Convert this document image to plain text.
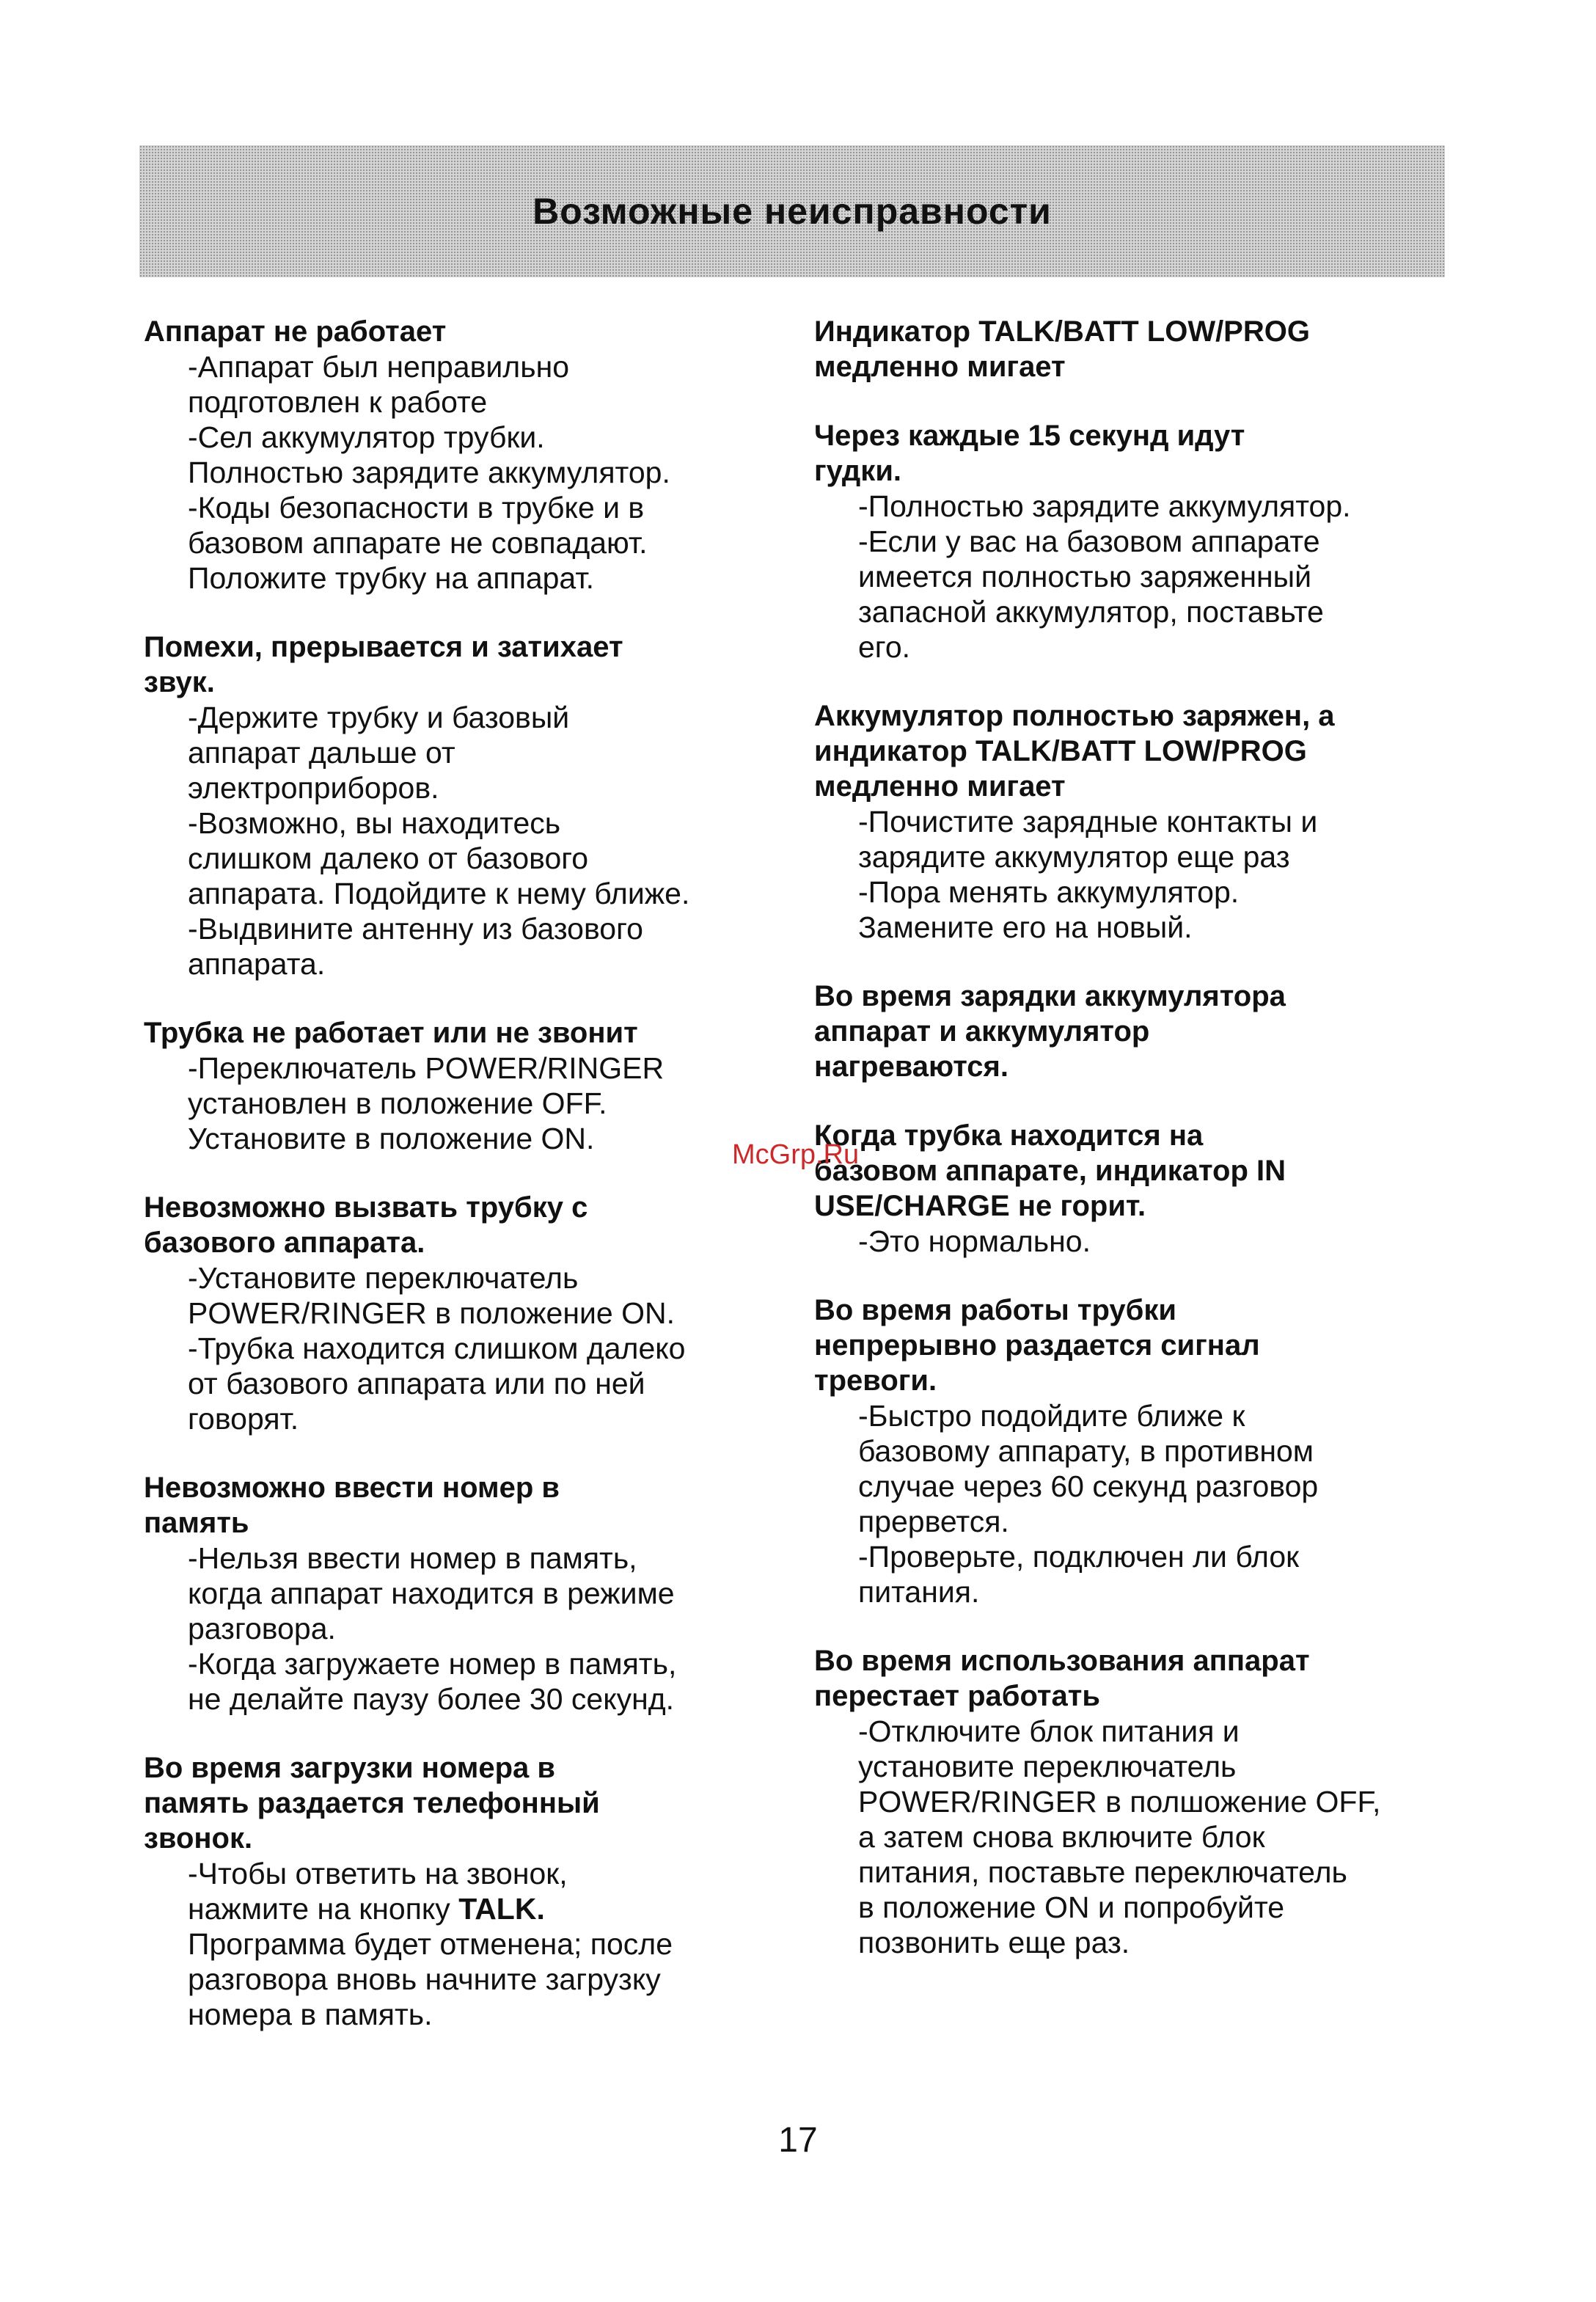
Возможные неисправности

Аппарат не работает

-Аппарат был неправильно

подготовлен к работе

-Сел аккумулятор трубки.

Полностью зарядите аккумулятор.

-Коды безопасности в трубке и в

базовом аппарате не совпадают.

Положите трубку на аппарат.

Помехи, прерывается и затихает

звук.

-Держите трубку и базовый

аппарат дальше от

электроприборов.

-Возможно, вы находитесь

слишком далеко от базового

аппарата. Подойдите к нему ближе.

-Выдвините антенну из базового

аппарата.

Трубка не работает или не звонит

-Переключатель POWER/RINGER

установлен в положение OFF.

Установите в положение ON.

Невозможно вызвать трубку с

базового аппарата.

-Установите переключатель

POWER/RINGER в положение ON.

-Трубка находится слишком далеко

от базового аппарата или по ней

говорят.

Невозможно ввести номер в

память

-Нельзя ввести номер в память,

когда аппарат находится в режиме

разговора.

-Когда загружаете номер в память,

не делайте паузу более 30 секунд.

Во время загрузки номера в

память раздается телефонный

звонок.

-Чтобы ответить на звонок,

нажмите на кнопку TALK.

Программа будет отменена; после

разговора вновь начните загрузку

номера в память.

Индикатор TALK/BATT LOW/PROG

медленно мигает

Через каждые 15 секунд идут

гудки.

-Полностью зарядите аккумулятор.

-Если у вас на базовом аппарате

имеется полностью заряженный

запасной аккумулятор, поставьте

его.

Аккумулятор полностью заряжен, а

индикатор TALK/BATT LOW/PROG

медленно мигает

-Почистите зарядные контакты и

зарядите аккумулятор еще раз

-Пора менять аккумулятор.

Замените его на новый.

Во время зарядки аккумулятора

аппарат и аккумулятор

нагреваются.

Когда трубка находится на

базовом аппарате, индикатор IN

USE/CHARGE не горит.

-Это нормально.

Во время работы трубки

непрерывно раздается сигнал

тревоги.

-Быстро подойдите ближе к

базовому аппарату, в противном

случае через 60 секунд разговор

прервется.

-Проверьте, подключен ли блок

питания.

Во время использования аппарат

перестает работать

-Отключите блок питания и

установите переключатель

POWER/RINGER в полшожение OFF,

а затем снова включите блок

питания, поставьте переключатель

в положение ON и попробуйте

позвонить еще раз.

McGrp.Ru
17
